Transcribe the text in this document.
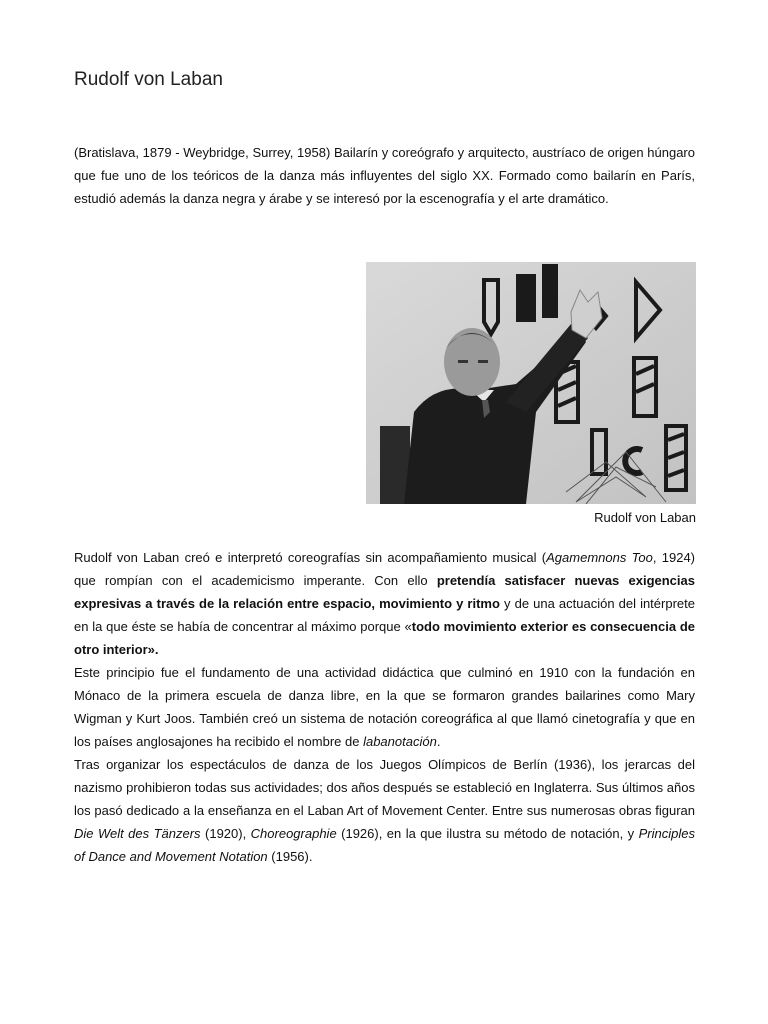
Rudolf von Laban

(Bratislava, 1879 - Weybridge, Surrey, 1958) Bailarín y coreógrafo y arquitecto, austríaco de origen húngaro que fue uno de los teóricos de la danza más influyentes del siglo XX. Formado como bailarín en París, estudió además la danza negra y árabe y se interesó por la escenografía y el arte dramático.

Rudolf von Laban
Rudolf von Laban creó e interpretó coreografías sin acompañamiento musical (Agamemnons Too, 1924) que rompían con el academicismo imperante. Con ello pretendía satisfacer nuevas exigencias expresivas a través de la relación entre espacio, movimiento y ritmo y de una actuación del intérprete en la que éste se había de concentrar al máximo porque «todo movimiento exterior es consecuencia de otro interior».
Este principio fue el fundamento de una actividad didáctica que culminó en 1910 con la fundación en Mónaco de la primera escuela de danza libre, en la que se formaron grandes bailarines como Mary Wigman y Kurt Joos. También creó un sistema de notación coreográfica al que llamó cinetografía y que en los países anglosajones ha recibido el nombre de labanotación.
Tras organizar los espectáculos de danza de los Juegos Olímpicos de Berlín (1936), los jerarcas del nazismo prohibieron todas sus actividades; dos años después se estableció en Inglaterra. Sus últimos años los pasó dedicado a la enseñanza en el Laban Art of Movement Center. Entre sus numerosas obras figuran Die Welt des Tänzers (1920), Choreographie (1926), en la que ilustra su método de notación, y Principles of Dance and Movement Notation (1956).
